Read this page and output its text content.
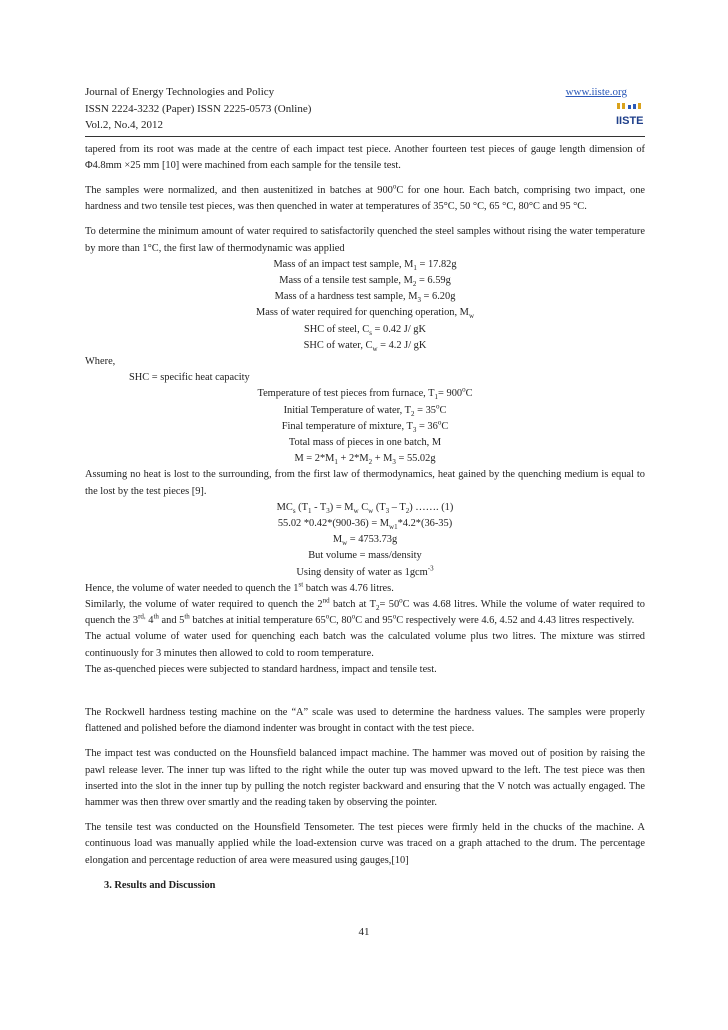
Journal of Energy Technologies and Policy	www.iiste.org
ISSN 2224-3232 (Paper) ISSN 2225-0573 (Online)
Vol.2, No.4, 2012	IISTE

tapered from its root was made at the centre of each impact test piece. Another fourteen test pieces of gauge length dimension of Φ4.8mm ×25 mm [10] were machined from each sample for the tensile test.

The samples were normalized, and then austenitized in batches at 900$^o$C for one hour. Each batch, comprising two impact, one hardness and two tensile test pieces, was then quenched in water at temperatures of 35°C, 50 °C, 65 °C, 80°C and 95 °C.

To determine the minimum amount of water required to satisfactorily quenched the steel samples without rising the water temperature by more than 1°C, the first law of thermodynamic was applied

Mass of an impact test sample, $M_1 = 17.82g$
Mass of a tensile test sample, $M_2 = 6.59g$
Mass of a hardness test sample, $M_3 = 6.20g$
Mass of water required for quenching operation, $M_w$
SHC of steel, $C_s = 0.42$ J/ gK
SHC of water, $C_w = 4.2$ J/ gK
Where,
SHC = specific heat capacity
Temperature of test pieces from furnace, $T_1= 900^oC$
Initial Temperature of water, $T_2 = 35^oC$
Final temperature of mixture, $T_3 = 36^oC$
Total mass of pieces in one batch, M
$M = 2*M_1 + 2*M_2 + M_3 = 55.02g$

Assuming no heat is lost to the surrounding, from the first law of thermodynamics, heat gained by the quenching medium is equal to the lost by the test pieces [9].

$MC_s$ $(T_1 - T_3) = M_w$ $C_w$ $(T_3 - T_2)$ ……. (1)
55.02 $*0.42*(900-36) = M_{w1}*4.2*(36-35)$
$M_w = 4753.73g$
But volume = mass/density
Using density of water as 1gcm$^{-3}$

Hence, the volume of water needed to quench the 1st batch was 4.76 litres.

Similarly, the volume of water required to quench the 2nd batch at $T_2= 50^oC$ was 4.68 litres. While the volume of water required to quench the $3^{rd,}$ 4th and 5th batches at initial temperature 65$^o$C, 80$^o$C and 95$^o$C respectively were 4.6, 4.52 and 4.43 litres respectively.

The actual volume of water used for quenching each batch was the calculated volume plus two litres. The mixture was stirred continuously for 3 minutes then allowed to cold to room temperature.

The as-quenched pieces were subjected to standard hardness, impact and tensile test.

The Rockwell hardness testing machine on the “A” scale was used to determine the hardness values. The samples were properly flattened and polished before the diamond indenter was brought in contact with the test piece.

The impact test was conducted on the Hounsfield balanced impact machine. The hammer was moved out of position by raising the pawl release lever. The inner tup was lifted to the right while the outer tup was moved upward to the left. The test piece was then inserted into the slot in the inner tup by pulling the notch register backward and ensuring that the V notch was actually engaged. The hammer was then threw over smartly and the reading taken by observing the pointer.

The tensile test was conducted on the Hounsfield Tensometer. The test pieces were firmly held in the chucks of the machine. A continuous load was manually applied while the load-extension curve was traced on a graph attached to the drum. The percentage elongation and percentage reduction of area were measured using gauges,[10]

3. Results and Discussion
41
